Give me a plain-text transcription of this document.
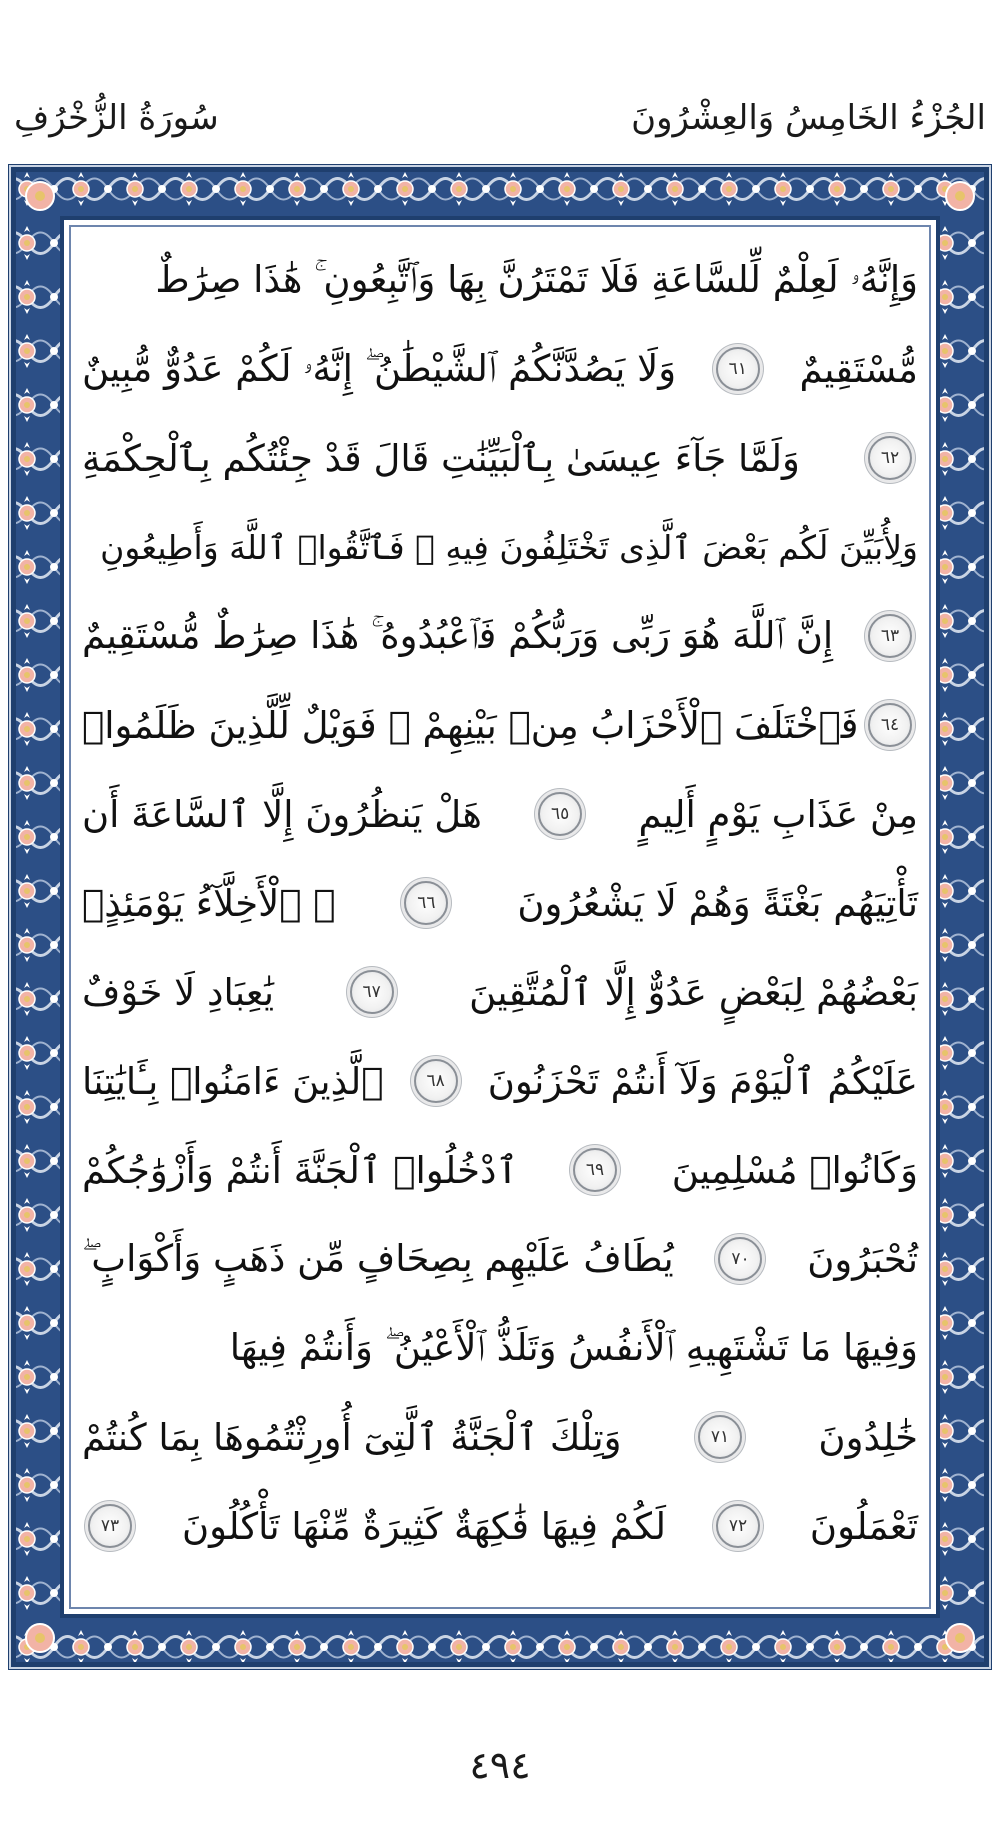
الجُزْءُ الخَامِسُ وَالعِشْرُونَ
سُورَةُ الزُّخْرُفِ
وَإِنَّهُۥ لَعِلْمٌ لِّلسَّاعَةِ فَلَا تَمْتَرُنَّ بِهَا وَٱتَّبِعُونِ ۚ هَٰذَا صِرَٰطٌ
مُّسْتَقِيمٌ
٦١
وَلَا يَصُدَّنَّكُمُ ٱلشَّيْطَٰنُ ۖ إِنَّهُۥ لَكُمْ عَدُوٌّ مُّبِينٌ
٦٢
وَلَمَّا جَآءَ عِيسَىٰ بِٱلْبَيِّنَٰتِ قَالَ قَدْ جِئْتُكُم بِٱلْحِكْمَةِ
وَلِأُبَيِّنَ لَكُم بَعْضَ ٱلَّذِى تَخْتَلِفُونَ فِيهِ ۖ فَٱتَّقُوا۟ ٱللَّهَ وَأَطِيعُونِ
٦٣
إِنَّ ٱللَّهَ هُوَ رَبِّى وَرَبُّكُمْ فَٱعْبُدُوهُ ۚ هَٰذَا صِرَٰطٌ مُّسْتَقِيمٌ
٦٤
فَٱخْتَلَفَ ٱلْأَحْزَابُ مِنۢ بَيْنِهِمْ ۖ فَوَيْلٌ لِّلَّذِينَ ظَلَمُوا۟
مِنْ عَذَابِ يَوْمٍ أَلِيمٍ
٦٥
هَلْ يَنظُرُونَ إِلَّا ٱلسَّاعَةَ أَن
تَأْتِيَهُم بَغْتَةً وَهُمْ لَا يَشْعُرُونَ
٦٦
۞ ٱلْأَخِلَّآءُ يَوْمَئِذٍۭ
بَعْضُهُمْ لِبَعْضٍ عَدُوٌّ إِلَّا ٱلْمُتَّقِينَ
٦٧
يَٰعِبَادِ لَا خَوْفٌ
عَلَيْكُمُ ٱلْيَوْمَ وَلَآ أَنتُمْ تَحْزَنُونَ
٦٨
ٱلَّذِينَ ءَامَنُوا۟ بِـَٔايَٰتِنَا
وَكَانُوا۟ مُسْلِمِينَ
٦٩
ٱدْخُلُوا۟ ٱلْجَنَّةَ أَنتُمْ وَأَزْوَٰجُكُمْ
تُحْبَرُونَ
٧٠
يُطَافُ عَلَيْهِم بِصِحَافٍ مِّن ذَهَبٍ وَأَكْوَابٍ ۖ
وَفِيهَا مَا تَشْتَهِيهِ ٱلْأَنفُسُ وَتَلَذُّ ٱلْأَعْيُنُ ۖ وَأَنتُمْ فِيهَا
خَٰلِدُونَ
٧١
وَتِلْكَ ٱلْجَنَّةُ ٱلَّتِىٓ أُورِثْتُمُوهَا بِمَا كُنتُمْ
تَعْمَلُونَ
٧٢
لَكُمْ فِيهَا فَٰكِهَةٌ كَثِيرَةٌ مِّنْهَا تَأْكُلُونَ
٧٣
٤٩٤
